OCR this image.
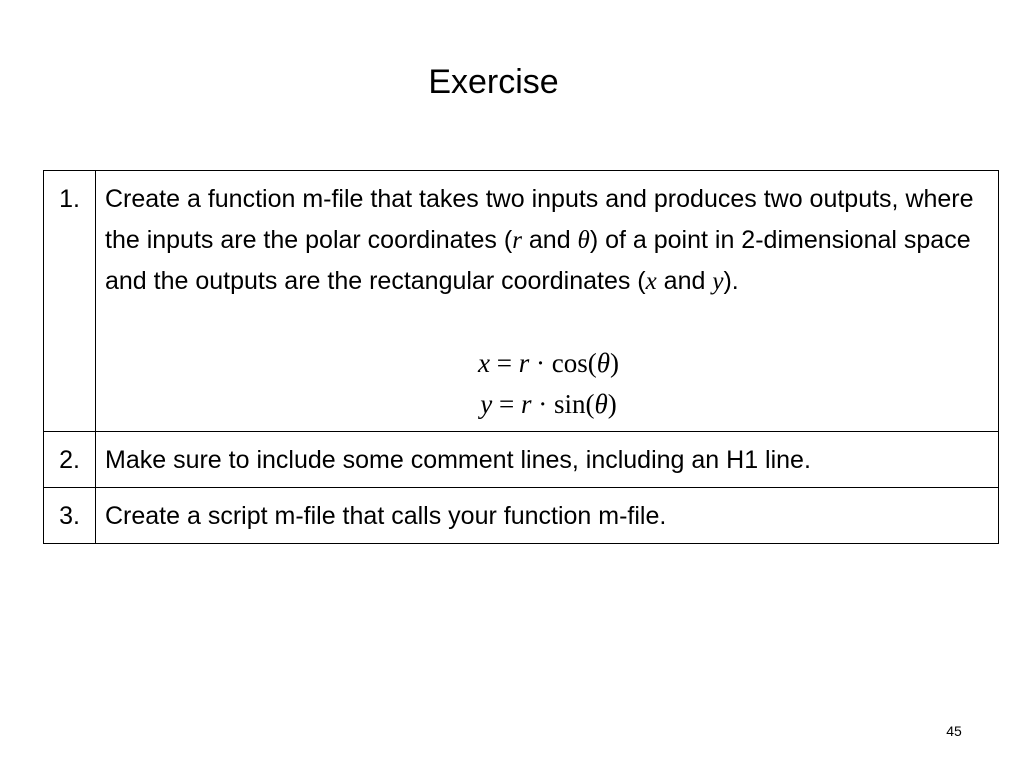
Exercise
1.	Create a function m-file that takes two inputs and produces two outputs, where the inputs are the polar coordinates (r and θ) of a point in 2-dimensional space and the outputs are the rectangular coordinates (x and y).
x = r · cos(θ)
y = r · sin(θ)

2.	Make sure to include some comment lines, including an H1 line.
3.	Create a script m-file that calls your function m-file.
45
